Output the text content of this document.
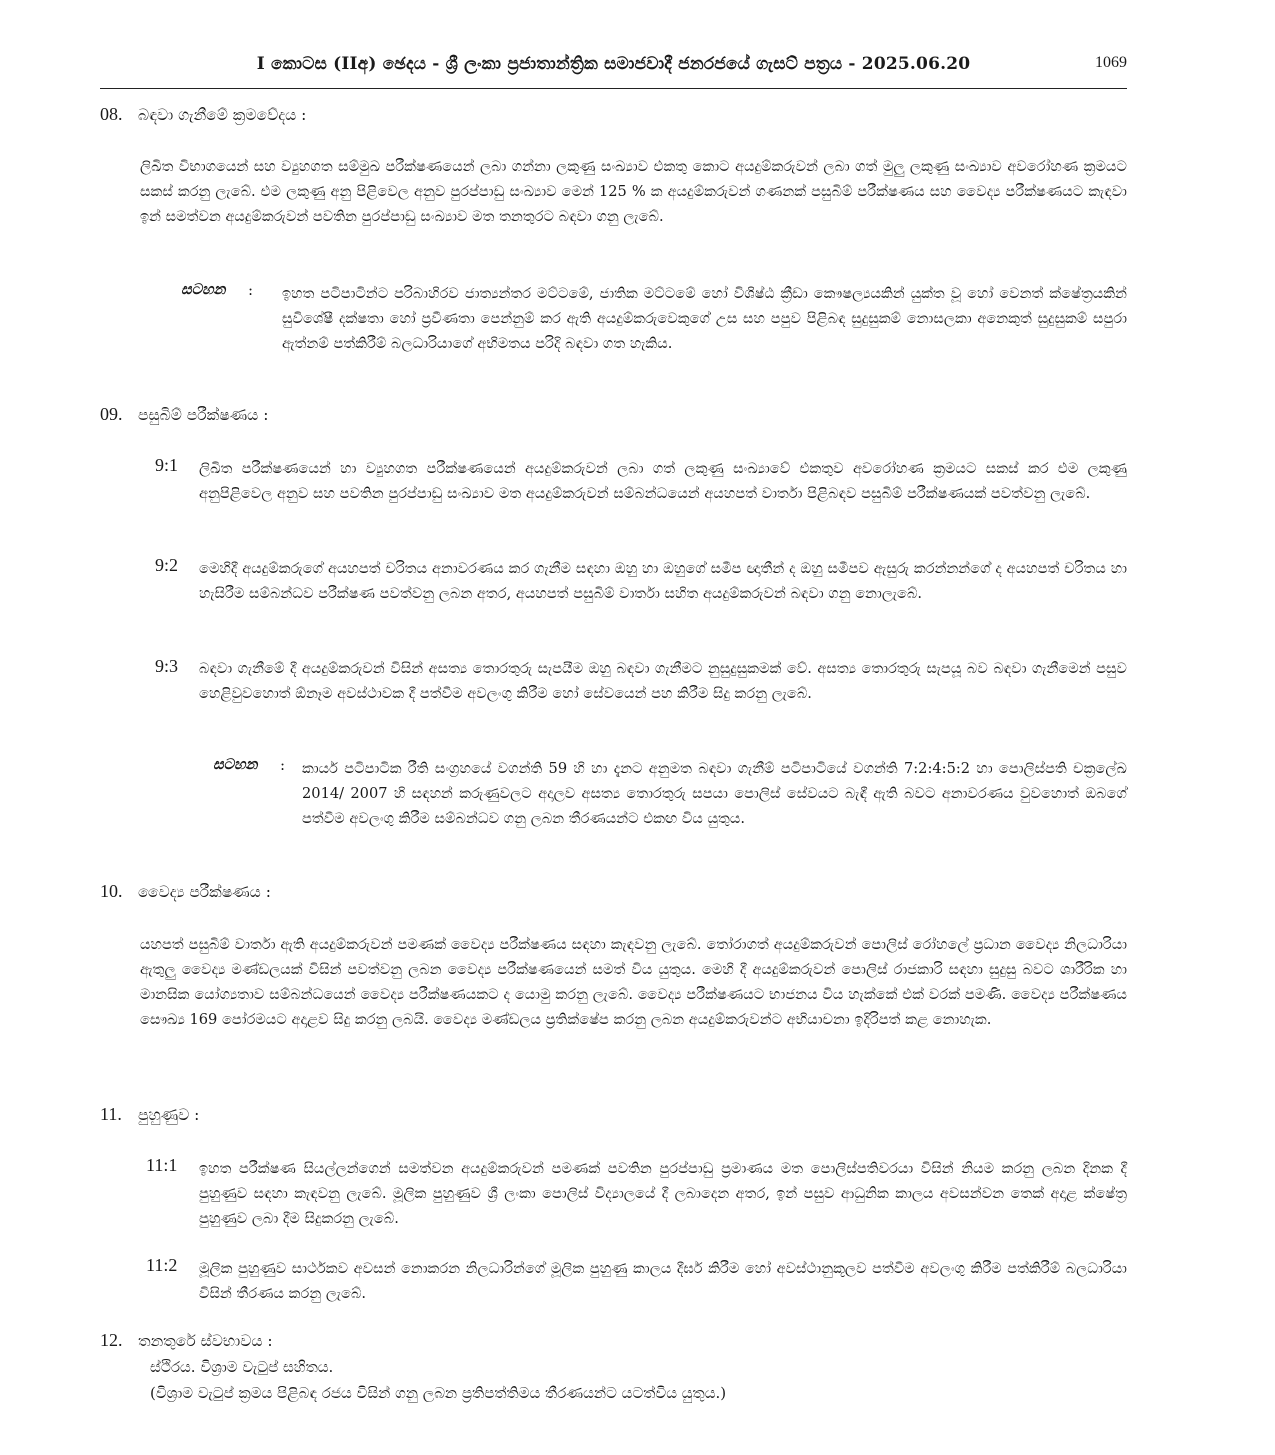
I කොටස (IIඅ) ඡෙදය - ශ්‍රී ලංකා ප්‍රජාතාන්ත්‍රික සමාජවාදී ජනරජයේ ගැසට් පත්‍රය - 2025.06.20	1069
08. බඳවා ගැනීමේ ක්‍රමවේදය :
ලිඛිත විභාගයෙන් සහ ව්‍යුහගත සම්මුඛ පරීක්ෂණයෙන් ලබා ගන්නා ලකුණු සංඛ්‍යාව එකතු කොට අයදුම්කරුවන් ලබා ගත් මුලු ලකුණු සංඛ්‍යාව අවරෝහණ ක්‍රමයට සකස් කරනු ලැබේ. එම ලකුණු අනු පිළිවෙල අනුව පුරප්පාඩු සංඛ්‍යාව මෙන් 125 % ක අයදුම්කරුවන් ගණනක් පසුබිම් පරීක්ෂණය සහ වෛද්‍ය පරීක්ෂණයට කැඳවා ඉන් සමත්වන අයදුම්කරුවන් පවතින පුරප්පාඩු සංඛ්‍යාව මත තනතුරට බඳවා ගනු ලැබේ.
සටහන : ඉහත පටිපාටින්ට පරිබාහිරව ජාත්‍යන්තර මට්ටමේ, ජාතික මට්ටමේ හෝ විශිෂ්ඨ ක්‍රීඩා කෞෂල්‍යයකින් යුක්ත වූ හෝ වෙනත් ක්ෂේත්‍රයකින් සුවිශේෂී දක්ෂතා හෝ ප්‍රවීණතා පෙන්නුම් කර ඇති අයදුම්කරුවෙකුගේ උස සහ පපුව පිළිබඳ සුදුසුකම් නොසලකා අනෙකුත් සුදුසුකම් සපුරා ඇත්නම් පත්කිරීම් බලධාරියාගේ අභිමතය පරිදි බඳවා ගත හැකිය.
09. පසුබිම් පරීක්ෂණය :
9:1 ලිඛිත පරීක්ෂණයෙන් හා ව්‍යුහගත පරීක්ෂණයෙන් අයදුම්කරුවන් ලබා ගත් ලකුණු සංඛ්‍යාවේ එකතුව අවරෝහණ ක්‍රමයට සකස් කර එම ලකුණු අනුපිළිවෙල අනුව සහ පවතින පුරප්පාඩු සංඛ්‍යාව මත අයදුම්කරුවන් සම්බන්ධයෙන් අයහපත් වාර්තා පිළිබඳව පසුබිම් පරීක්ෂණයක් පවත්වනු ලැබේ.
9:2 මෙහිදී අයදුම්කරුගේ අයහපත් චරිතය අනාවරණය කර ගැනීම සඳහා ඔහු හා ඔහුගේ සමීප ඥාතීන් ද ඔහු සමීපව ඇසුරු කරන්නන්ගේ ද අයහපත් චරිතය හා හැසිරීම සම්බන්ධව පරීක්ෂණ පවත්වනු ලබන අතර, අයහපත් පසුබිම් වාර්තා සහිත අයදුම්කරුවන් බඳවා ගනු නොලැබේ.
9:3 බඳවා ගැනීමේ දී අයදුම්කරුවන් විසින් අසත්‍ය තොරතුරු සැපයීම ඔහු බඳවා ගැනීමට නුසුදුසුකමක් වේ. අසත්‍ය තොරතුරු සැපයූ බව බඳවා ගැනීමෙන් පසුව හෙළිවුවහොත් ඕනෑම අවස්ථාවක දී පත්වීම අවලංගු කිරීම හෝ සේවයෙන් පහ කිරීම සිදු කරනු ලැබේ.
සටහන : කාර්ය පටිපාටික රීති සංග්‍රහයේ වගන්ති 59 හි හා දැනට අනුමත බඳවා ගැනීම් පටිපාටියේ වගන්ති 7:2:4:5:2 හා පොලිස්පති චක්‍රලේඛ 2014/ 2007 හි සඳහන් කරුණුවලට අදාලව අසත්‍ය තොරතුරු සපයා පොලිස් සේවයට බැඳී ඇති බවට අනාවරණය වුවහොත් ඔබගේ පත්වීම අවලංගු කිරීම සම්බන්ධව ගනු ලබන තීරණයන්ට එකඟ විය යුතුය.
10. වෛද්‍ය පරීක්ෂණය :
යහපත් පසුබිම් වාර්තා ඇති අයදුම්කරුවන් පමණක් වෛද්‍ය පරීක්ෂණය සඳහා කැඳවනු ලැබේ. තෝරාගත් අයදුම්කරුවන් පොලිස් රෝහලේ ප්‍රධාන වෛද්‍ය නිලධාරියා ඇතුලු වෛද්‍ය මණ්ඩලයක් විසින් පවත්වනු ලබන වෛද්‍ය පරීක්ෂණයෙන් සමත් විය යුතුය. මෙහි දී අයදුම්කරුවන් පොලිස් රාජකාරි සඳහා සුදුසු බවට ශාරීරික හා මානසික යෝග්‍යතාව සම්බන්ධයෙන් වෛද්‍ය පරීක්ෂණයකට ද යොමු කරනු ලැබේ. වෛද්‍ය පරීක්ෂණයට භාජනය විය හැක්කේ එක් වරක් පමණි. වෛද්‍ය පරීක්ෂණය සෞඛ්‍ය 169 පෝරමයට අදාළව සිදු කරනු ලබයි. වෛද්‍ය මණ්ඩලය ප්‍රතික්ෂේප කරනු ලබන අයදුම්කරුවන්ට අභියාචනා ඉදිරිපත් කළ නොහැක.
11. පුහුණුව :
11:1 ඉහත පරීක්ෂණ සියල්ලන්ගෙන් සමත්වන අයදුම්කරුවන් පමණක් පවතින පුරප්පාඩු ප්‍රමාණය මත පොලිස්පතිවරයා විසින් නියම කරනු ලබන දිනක දී පුහුණුව සඳහා කැඳවනු ලැබේ. මූලික පුහුණුව ශ්‍රී ලංකා පොලිස් විද්‍යාලයේ දී ලබාදෙන අතර, ඉන් පසුව ආධුනික කාලය අවසන්වන තෙක් අදාළ ක්ෂේත්‍ර පුහුණුව ලබා දීම සිදුකරනු ලැබේ.
11:2 මූලික පුහුණුව සාර්ථකව අවසන් නොකරන නිලධාරින්ගේ මූලික පුහුණු කාලය දීර්ඝ කිරීම හෝ අවස්ථානුකූලව පත්වීම අවලංගු කිරීම පත්කිරීම් බලධාරියා විසින් තීරණය කරනු ලැබේ.
12. තනතුරේ ස්වභාවය :
ස්ථිරය. විශ්‍රාම වැටුප් සහිතය.
(විශ්‍රාම වැටුප් ක්‍රමය පිළිබඳ රජය විසින් ගනු ලබන ප්‍රතිපත්තිමය තීරණයන්ට යටත්විය යුතුය.)
